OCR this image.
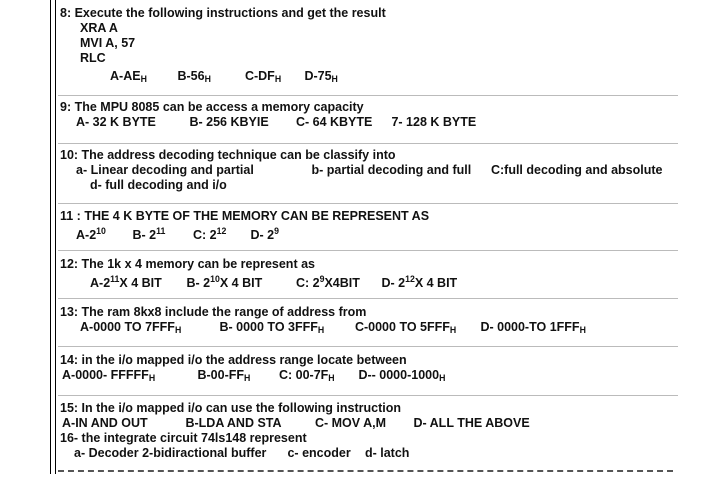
8: Execute the following instructions and get the result
XRA A
MVI A, 57
RLC
A-AEH B-56H	C-DFH D-75H
9: The MPU 8085 can be access a memory capacity
A- 32 K BYTE	B- 256 KBYIE C- 64 KBYTE 7- 128 K BYTE
10: The address decoding technique can be classify into
a- Linear decoding and partial	b- partial decoding and full C:full decoding and absolute
d- full decoding and i/o
11 : THE 4 K BYTE OF THE MEMORY CAN BE REPRESENT AS
A-210 B- 211 C: 212 D- 29
12: The 1k x 4 memory can be represent as
A-211X 4 BIT B- 210X 4 BIT	C: 29X4BIT D- 212X 4 BIT
13: The ram 8kx8 include the range of address from
A-0000 TO 7FFFH	B- 0000 TO 3FFFH C-0000 TO 5FFFH D- 0000-TO 1FFFH
14: in the i/o mapped i/o the address range locate between
A-0000- FFFFFH	B-00-FFH C: 00-7FH D-- 0000-1000H
15: In the i/o mapped i/o can use the following instruction
A-IN AND OUT	B-LDA AND STA	C- MOV A,M D- ALL THE ABOVE
16- the integrate circuit 74ls148 represent
a- Decoder 2-bidiractional buffer c- encoder d- latch
